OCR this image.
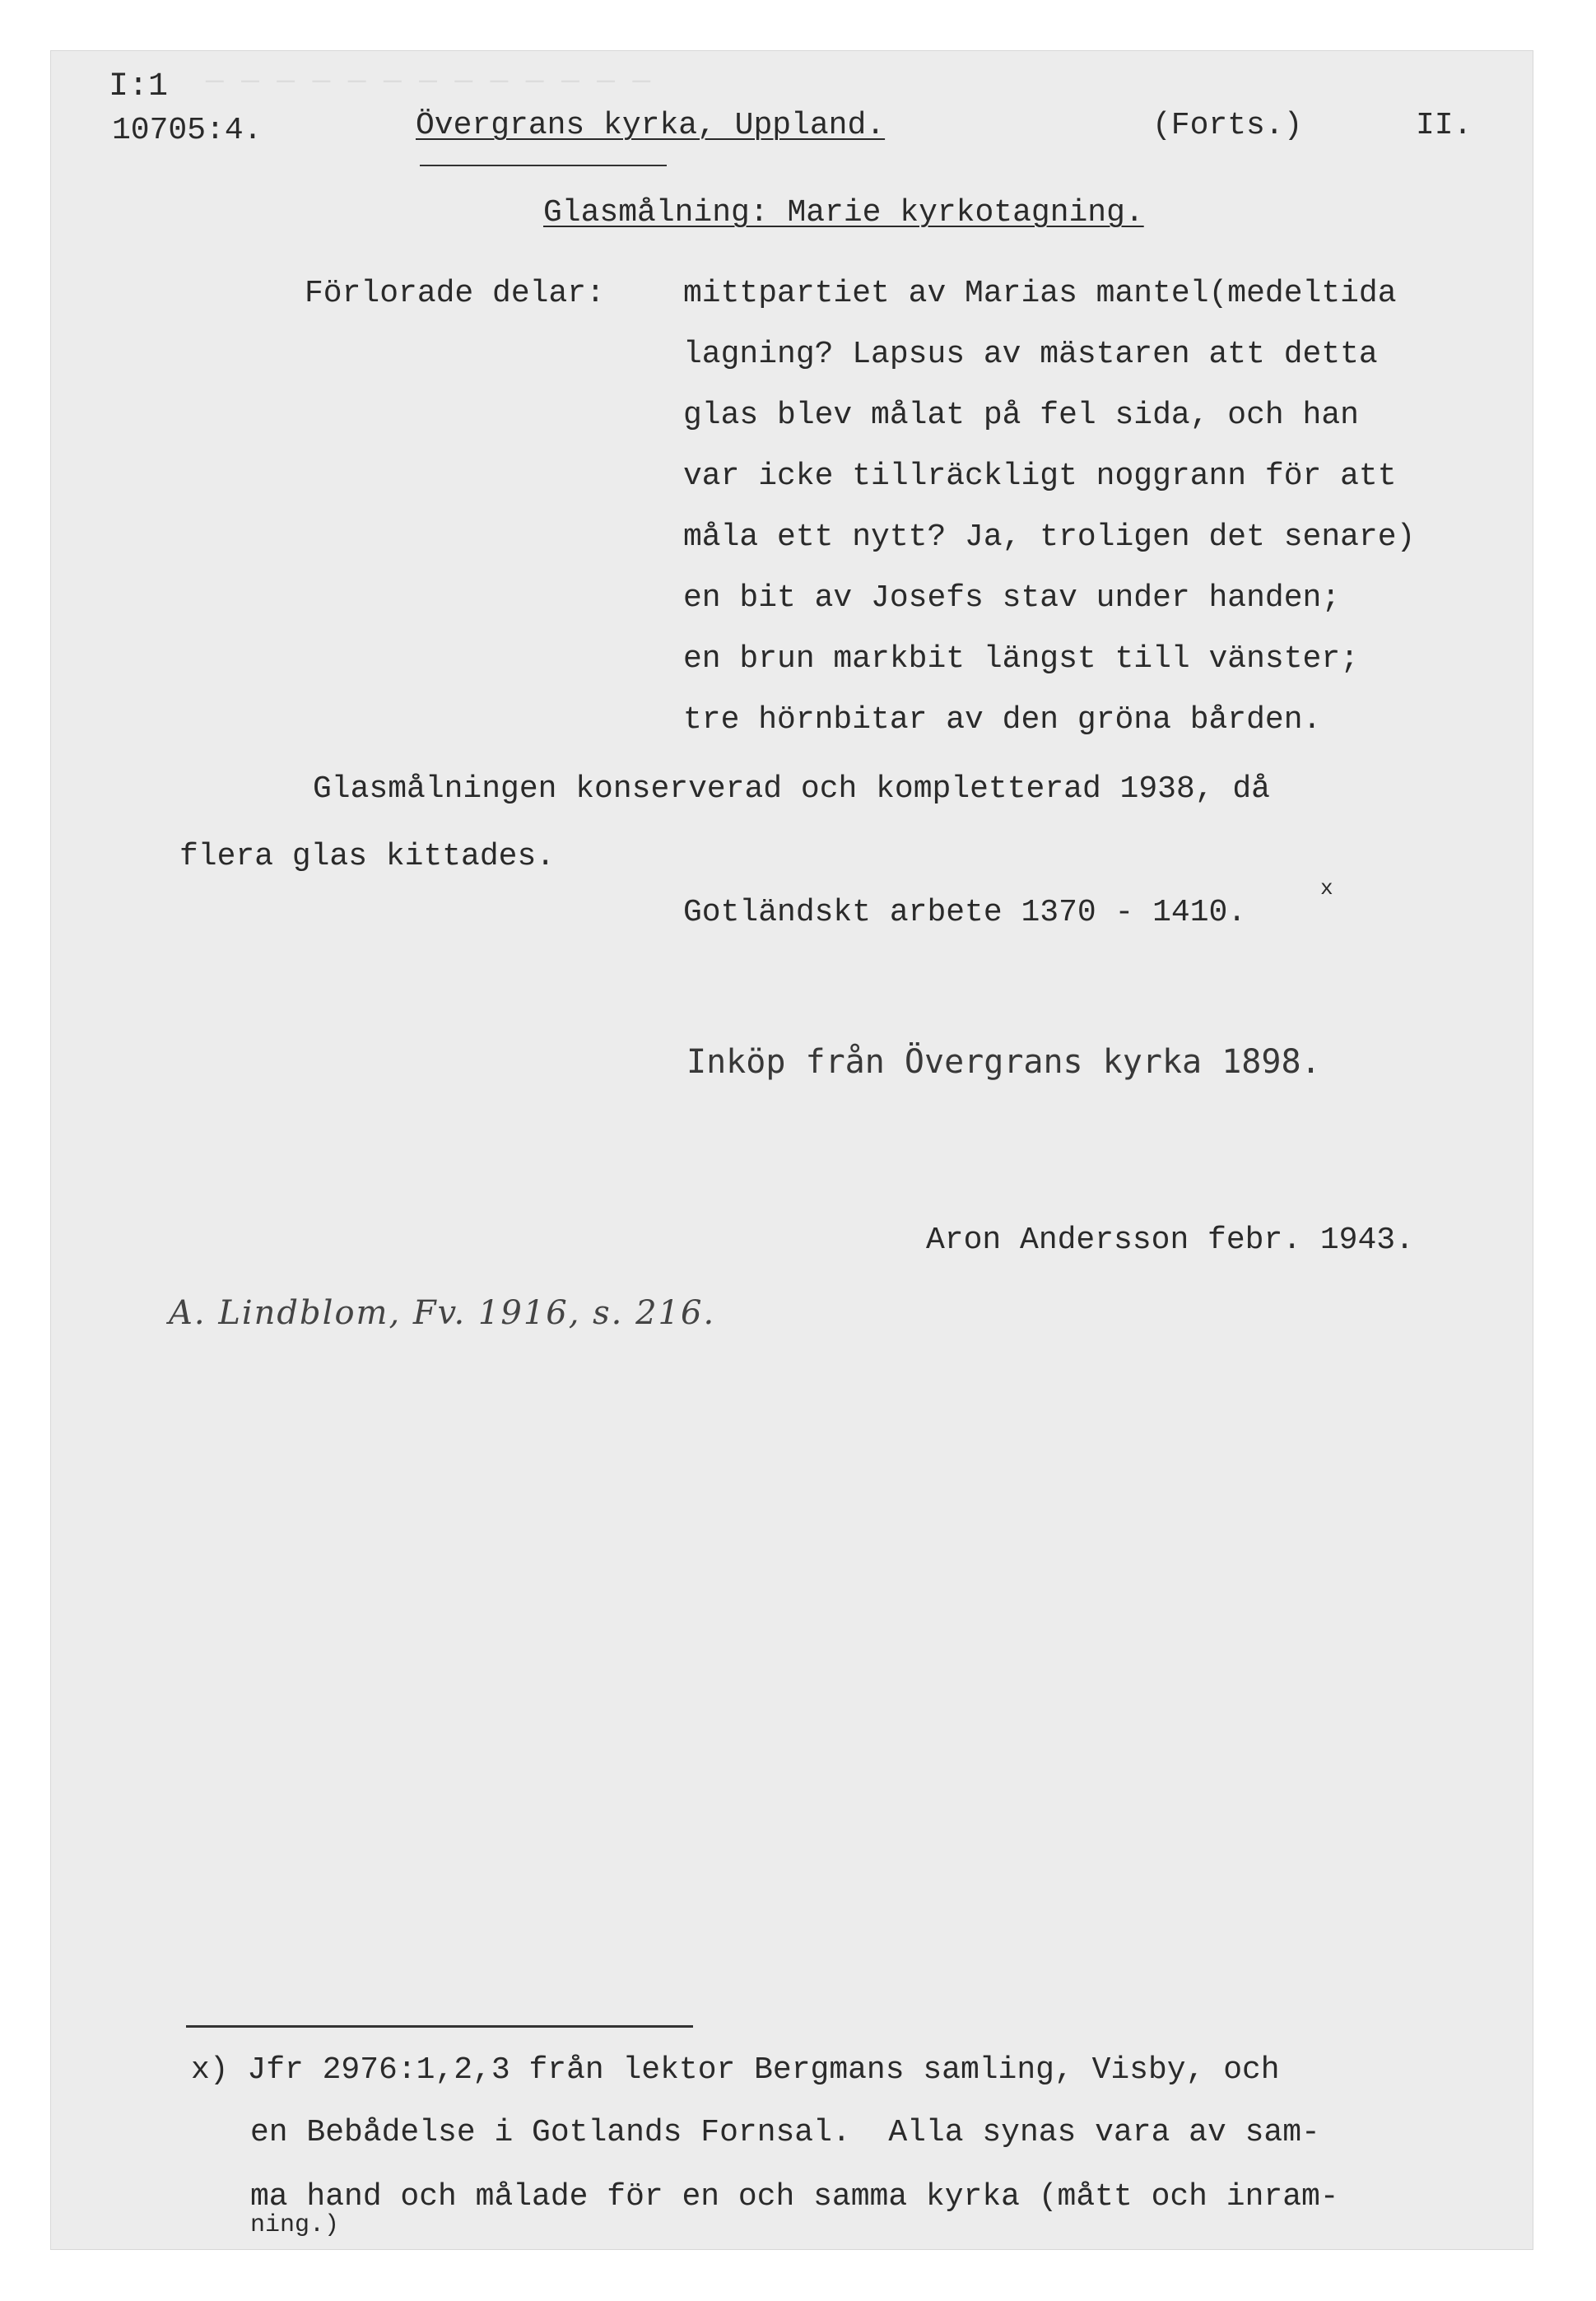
— — — — — — — — — — — — —
I:1
10705:4.	Övergrans kyrka, Uppland.	(Forts.)	II.
Glasmålning: Marie kyrkotagning.
Förlorade delar:	mittpartiet av Marias mantel(medeltida
lagning? Lapsus av mästaren att detta
glas blev målat på fel sida, och han
var icke tillräckligt noggrann för att
måla ett nytt? Ja, troligen det senare)
en bit av Josefs stav under handen;
en brun markbit längst till vänster;
tre hörnbitar av den gröna bården.
Glasmålningen konserverad och kompletterad 1938, då
flera glas kittades.
Gotländskt arbete 1370 - 1410.
x
Inköp från Övergrans kyrka 1898.
Aron Andersson febr. 1943.
A. Lindblom, Fv. 1916, s. 216.
x) Jfr 2976:1,2,3 från lektor Bergmans samling, Visby, och
en Bebådelse i Gotlands Fornsal.  Alla synas vara av sam-
ma hand och målade för en och samma kyrka (mått och inram-
ning.)
